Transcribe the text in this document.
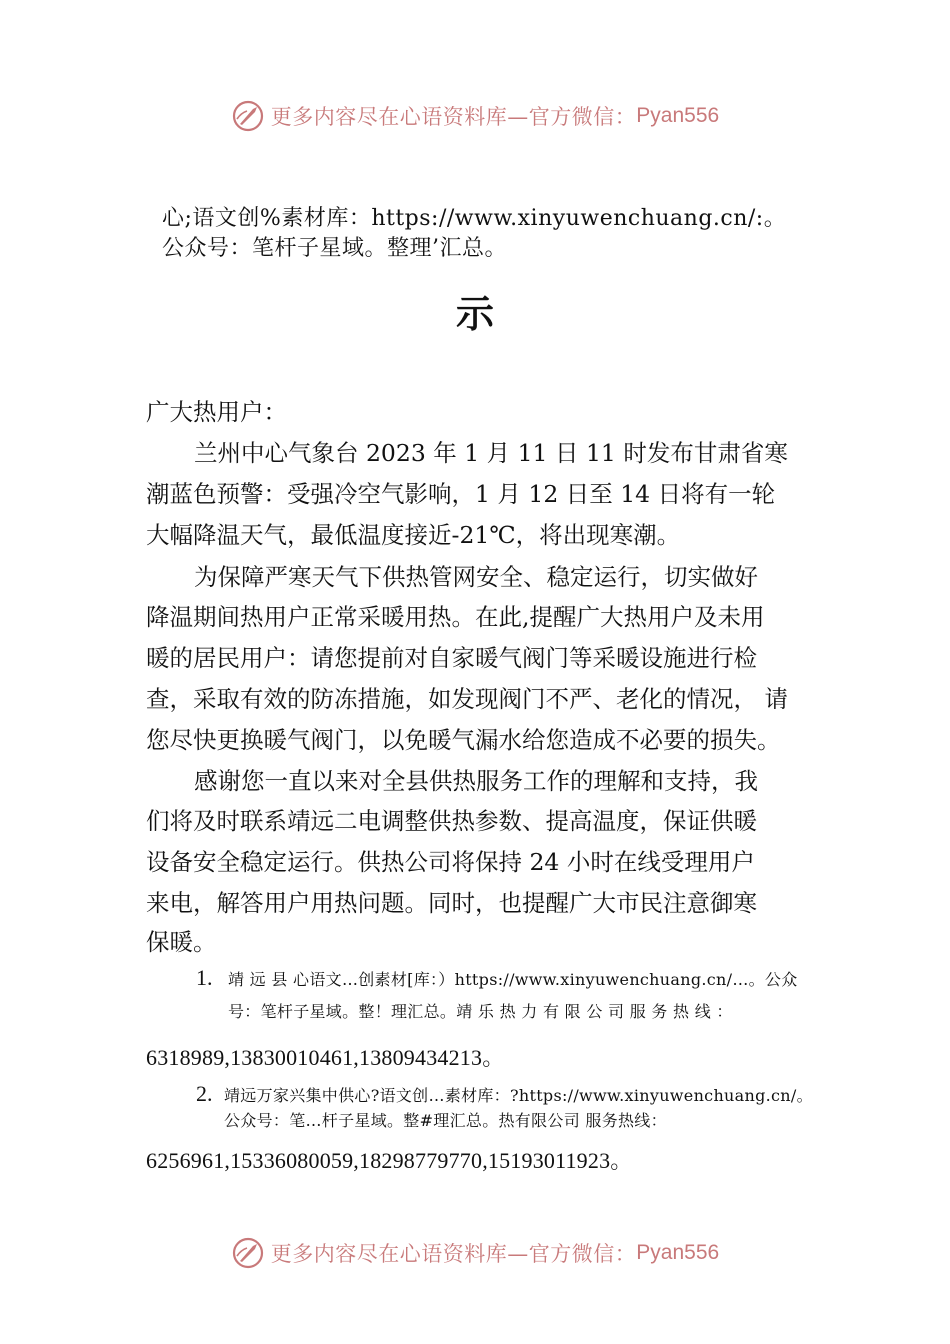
更多内容尽在心语资料库—官方微信： Pyan556
心;语文创%素材库：https://www.xinyuwenchuang.cn/:。
公众号：笔杆子星域。整理’汇总。
示
广大热用户：
兰州中心气象台 2023 年 1 月 11 日 11 时发布甘肃省寒
潮蓝色预警：受强冷空气影响，1 月 12 日至 14 日将有一轮
大幅降温天气，最低温度接近-21℃，将出现寒潮。
为保障严寒天气下供热管网安全、稳定运行，切实做好
降温期间热用户正常采暖用热。在此,提醒广大热用户及未用
暖的居民用户：请您提前对自家暖气阀门等采暖设施进行检
查，采取有效的防冻措施，如发现阀门不严、老化的情况， 请
您尽快更换暖气阀门，以免暖气漏水给您造成不必要的损失。
感谢您一直以来对全县供热服务工作的理解和支持，我
们将及时联系靖远二电调整供热参数、提高温度，保证供暖
设备安全稳定运行。供热公司将保持 24 小时在线受理用户
来电，解答用户用热问题。同时，也提醒广大市民注意御寒
保暖。
1. 靖 远 县 心语文…创素材[库：）https://www.xinyuwenchuang.cn/…。公众
号：笔杆子星域。整！理汇总。靖 乐 热 力 有 限 公 司 服 务 热 线 ：
6318989,13830010461,13809434213。
2. 靖远万家兴集中供心?语文创…素材库：?https://www.xinyuwenchuang.cn/。
公众号：笔…杆子星域。整#理汇总。热有限公司 服务热线：
6256961,15336080059,18298779770,15193011923。
更多内容尽在心语资料库—官方微信： Pyan556
